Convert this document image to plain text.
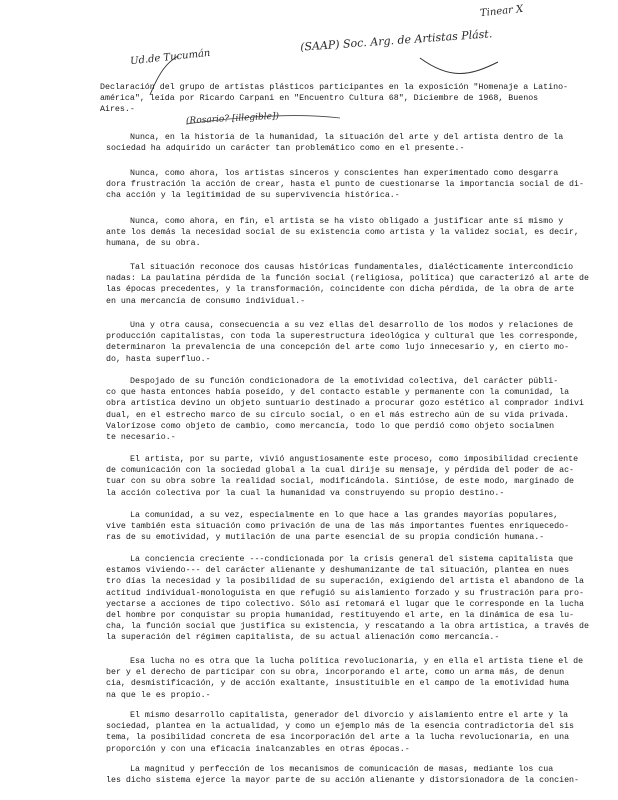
Ud.de Tucumán
(SAAP) Soc. Arg. de Artistas Plást.
Tinear X
(Rosario? [illegible])
Declaración del grupo de artistas plásticos participantes en la exposición "Homenaje a Latino-
américa", leída por Ricardo Carpani en "Encuentro Cultura 68", Diciembre de 1968, Buenos
Aires.-
Nunca, en la historia de la humanidad, la situación del arte y del artista dentro de la
sociedad ha adquirido un carácter tan problemático como en el presente.-
Nunca, como ahora, los artistas sinceros y conscientes han experimentado como desgarra
dora frustración la acción de crear, hasta el punto de cuestionarse la importancia social de di-
cha acción y la legitimidad de su supervivencia histórica.-
Nunca, como ahora, en fin, el artista se ha visto obligado a justificar ante sí mismo y
ante los demás la necesidad social de su existencia como artista y la validez social, es decir,
humana, de su obra.
Tal situación reconoce dos causas históricas fundamentales, dialécticamente intercondicio
nadas: La paulatina pérdida de la función social (religiosa, política) que caracterizó al arte de
las épocas precedentes, y la transformación, coincidente con dicha pérdida, de la obra de arte
en una mercancía de consumo individual.-
Una y otra causa, consecuencia a su vez ellas del desarrollo de los modos y relaciones de
producción capitalistas, con toda la superestructura ideológica y cultural que les corresponde,
determinaron la prevalencia de una concepción del arte como lujo innecesario y, en cierto mo-
do, hasta superfluo.-
Despojado de su función condicionadora de la emotividad colectiva, del carácter públi-
co que hasta entonces había poseído, y del contacto estable y permanente con la comunidad, la
obra artística devino un objeto suntuario destinado a procurar gozo estético al comprador indivi
dual, en el estrecho marco de su círculo social, o en el más estrecho aún de su vida privada.
Valorízose como objeto de cambio, como mercancía, todo lo que perdió como objeto socialmen
te necesario.-
El artista, por su parte, vivió angustiosamente este proceso, como imposibilidad creciente
de comunicación con la sociedad global a la cual dirije su mensaje, y pérdida del poder de ac-
tuar con su obra sobre la realidad social, modificándola. Sintióse, de este modo, marginado de
la acción colectiva por la cual la humanidad va construyendo su propio destino.-
La comunidad, a su vez, especialmente en lo que hace a las grandes mayorías populares,
vive también esta situación como privación de una de las más importantes fuentes enriquecedo-
ras de su emotividad, y mutilación de una parte esencial de su propia condición humana.-
La conciencia creciente ---condicionada por la crisis general del sistema capitalista que
estamos viviendo--- del carácter alienante y deshumanizante de tal situación, plantea en nues
tro días la necesidad y la posibilidad de su superación, exigiendo del artista el abandono de la
actitud individual-monologuista en que refugió su aislamiento forzado y su frustración para pro-
yectarse a acciones de tipo colectivo. Sólo así retomará el lugar que le corresponde en la lucha
del hombre por conquistar su propia humanidad, restituyendo el arte, en la dinámica de esa lu-
cha, la función social que justifica su existencia, y rescatando a la obra artística, a través de
la superación del régimen capitalista, de su actual alienación como mercancía.-
Esa lucha no es otra que la lucha política revolucionaria, y en ella el artista tiene el de
ber y el derecho de participar con su obra, incorporando el arte, como un arma más, de denun
cia, desmistificación, y de acción exaltante, insustituible en el campo de la emotividad huma
na que le es propio.-
El mismo desarrollo capitalista, generador del divorcio y aislamiento entre el arte y la
sociedad, plantea en la actualidad, y como un ejemplo más de la esencia contradictoria del sis
tema, la posibilidad concreta de esa incorporación del arte a la lucha revolucionaria, en una
proporción y con una eficacia inalcanzables en otras épocas.-
La magnitud y perfección de los mecanismos de comunicación de masas, mediante los cua
les dicho sistema ejerce la mayor parte de su acción alienante y distorsionadora de la concien-
